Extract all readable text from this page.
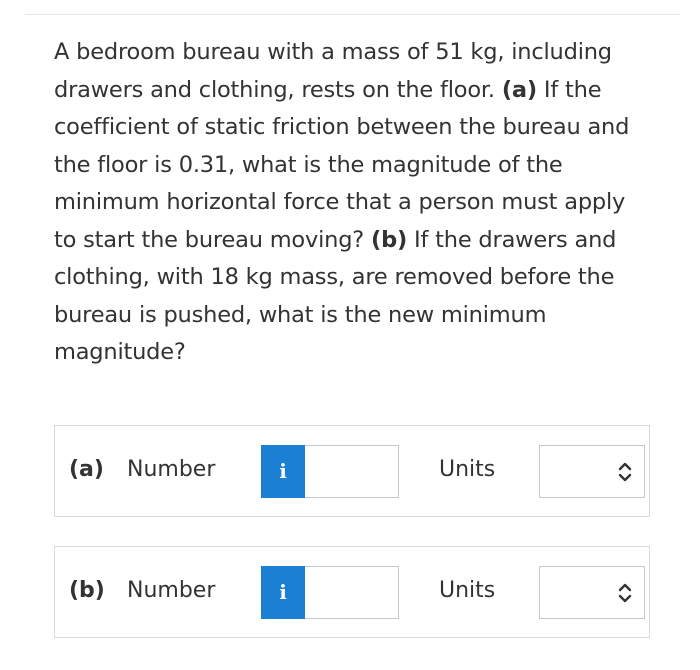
A bedroom bureau with a mass of 51 kg, including drawers and clothing, rests on the floor. (a) If the coefficient of static friction between the bureau and the floor is 0.31, what is the magnitude of the minimum horizontal force that a person must apply to start the bureau moving? (b) If the drawers and clothing, with 18 kg mass, are removed before the bureau is pushed, what is the new minimum magnitude?

(a) Number	i	Units
(b) Number	i	Units
